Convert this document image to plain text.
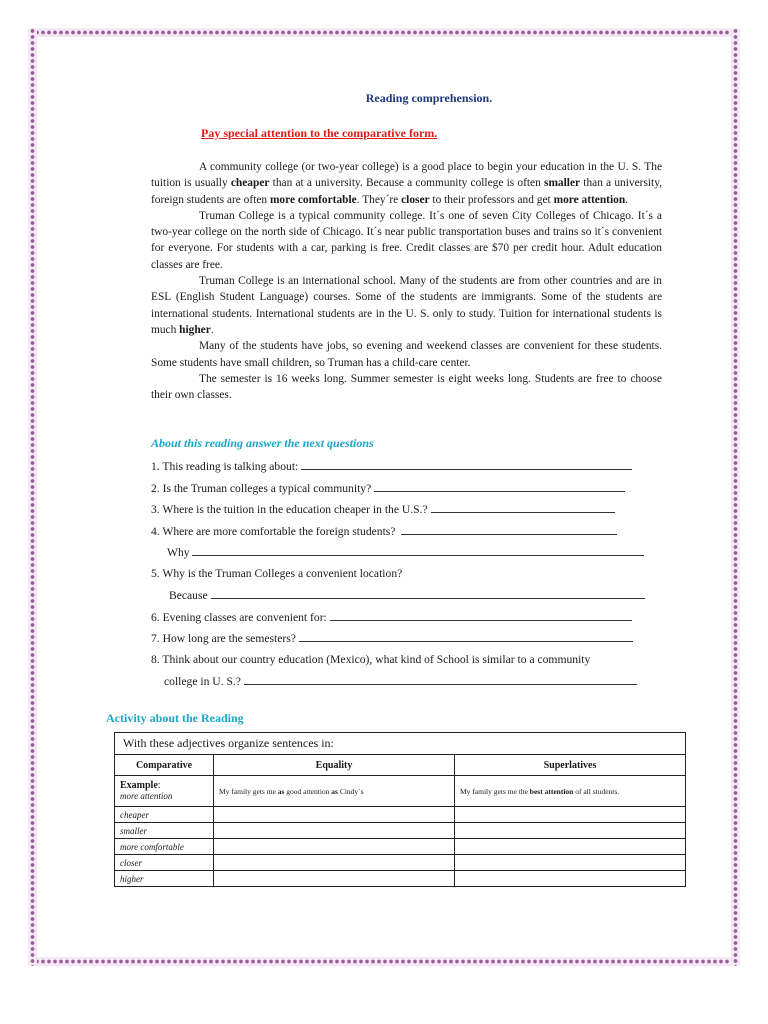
Reading comprehension.
Pay special attention to the comparative form.

A community college (or two-year college) is a good place to begin your education in the U. S. The tuition is usually cheaper than at a university. Because a community college is often smaller than a university, foreign students are often more comfortable. They´re closer to their professors and get more attention.

Truman College is a typical community college. It´s one of seven City Colleges of Chicago. It´s a two-year college on the north side of Chicago. It´s near public transportation buses and trains so it´s convenient for everyone. For students with a car, parking is free. Credit classes are $70 per credit hour. Adult education classes are free.

Truman College is an international school. Many of the students are from other countries and are in ESL (English Student Language) courses. Some of the students are immigrants. Some of the students are international students. International students are in the U. S. only to study. Tuition for international students is much higher.

Many of the students have jobs, so evening and weekend classes are convenient for these students. Some students have small children, so Truman has a child-care center.

The semester is 16 weeks long. Summer semester is eight weeks long. Students are free to choose their own classes.

About this reading answer the next questions
1. This reading is talking about:
2. Is the Truman colleges a typical community?
3. Where is the tuition in the education cheaper in the U.S.?
4. Where are more comfortable the foreign students?
Why
5. Why is the Truman Colleges a convenient location?
Because
6. Evening classes are convenient for:
7. How long are the semesters?
8. Think about our country education (Mexico), what kind of School is similar to a community
college in U. S.?
Activity about the Reading
With these adjectives organize sentences in:		
Comparative	Equality	Superlatives
Example:
more attention	My family gets me as good attention as Cindy´s	My family gets me the best attention of all students.
cheaper		
smaller		
more comfortable		
closer		
higher		
